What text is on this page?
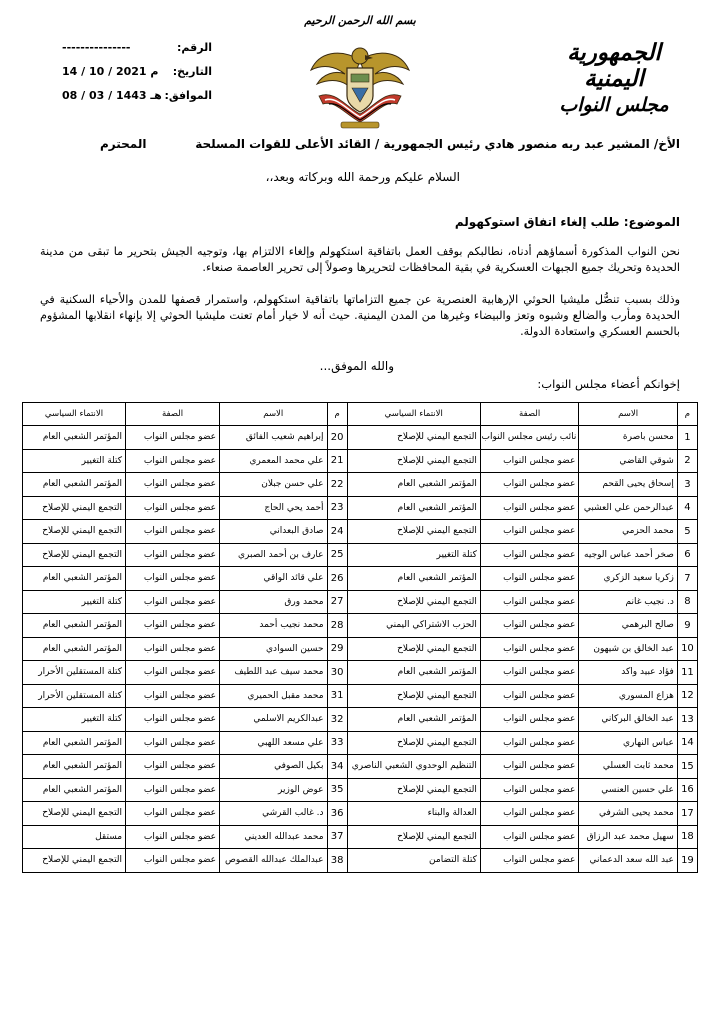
الجمهورية اليمنية
مجلس النواب
بسم الله الرحمن الرحيم
الرقم:
---------------
التاريخ:
14 / 10 / 2021 م
الموافق:
08 / 03 / 1443 هـ
الأخ/ المشير عبد ربه منصور هادي رئيس الجمهورية / القائد الأعلى للقوات المسلحة
المحترم
السلام عليكم ورحمة الله وبركاته وبعد،،
الموضوع: طلب إلغاء اتفاق استوكهولم
نحن النواب المذكورة أسماؤهم أدناه، نطالبكم بوقف العمل باتفاقية استكهولم وإلغاء الالتزام بها، وتوجيه الجيش بتحرير ما تبقى من مدينة الحديدة وتحريك جميع الجبهات العسكرية في بقية المحافظات لتحريرها وصولاً إلى تحرير العاصمة صنعاء.
وذلك بسبب تنصُّل مليشيا الحوثي الإرهابية العنصرية عن جميع التزاماتها باتفاقية استكهولم، واستمرار قصفها للمدن والأحياء السكنية في الحديدة ومأرب والضالع وشبوه وتعز والبيضاء وغيرها من المدن اليمنية. حيث أنه لا خيار أمام تعنت مليشيا الحوثي إلا بإنهاء انقلابها المشؤوم بالحسم العسكري واستعادة الدولة.
والله الموفق...
إخوانكم أعضاء مجلس النواب:
م	الاسم	الصفة	الانتماء السياسي	م	الاسم	الصفة	الانتماء السياسي
1	محسن باصرة	نائب رئيس مجلس النواب	التجمع اليمني للإصلاح	20	إبراهيم شعيب الفائق	عضو مجلس النواب	المؤتمر الشعبي العام
2	شوقي القاضي	عضو مجلس النواب	التجمع اليمني للإصلاح	21	علي محمد المعمري	عضو مجلس النواب	كتلة التغيير
3	إسحاق يحيى القحم	عضو مجلس النواب	المؤتمر الشعبي العام	22	علي حسن جبلان	عضو مجلس النواب	المؤتمر الشعبي العام
4	عبدالرحمن علي العشبي	عضو مجلس النواب	المؤتمر الشعبي العام	23	أحمد يحي الحاج	عضو مجلس النواب	التجمع اليمني للإصلاح
5	محمد الحزمي	عضو مجلس النواب	التجمع اليمني للإصلاح	24	صادق البعداني	عضو مجلس النواب	التجمع اليمني للإصلاح
6	صخر أحمد عباس الوجيه	عضو مجلس النواب	كتلة التغيير	25	عارف بن أحمد الصبري	عضو مجلس النواب	التجمع اليمني للإصلاح
7	زكريا سعيد الزكري	عضو مجلس النواب	المؤتمر الشعبي العام	26	علي قائد الواقي	عضو مجلس النواب	المؤتمر الشعبي العام
8	د. نجيب غانم	عضو مجلس النواب	التجمع اليمني للإصلاح	27	محمد ورق	عضو مجلس النواب	كتلة التغيير
9	صالح البرهمي	عضو مجلس النواب	الحزب الاشتراكي اليمني	28	محمد نجيب أحمد	عضو مجلس النواب	المؤتمر الشعبي العام
10	عبد الخالق بن شيهون	عضو مجلس النواب	التجمع اليمني للإصلاح	29	حسين السوادي	عضو مجلس النواب	المؤتمر الشعبي العام
11	فؤاد عبيد واكد	عضو مجلس النواب	المؤتمر الشعبي العام	30	محمد سيف عبد اللطيف	عضو مجلس النواب	كتلة المستقلين الأحرار
12	هزاع المسوري	عضو مجلس النواب	التجمع اليمني للإصلاح	31	محمد مقبل الحميري	عضو مجلس النواب	كتلة المستقلين الأحرار
13	عبد الخالق البركاني	عضو مجلس النواب	المؤتمر الشعبي العام	32	عبدالكريم الاسلمي	عضو مجلس النواب	كتلة التغيير
14	عباس النهاري	عضو مجلس النواب	التجمع اليمني للإصلاح	33	علي مسعد اللهبي	عضو مجلس النواب	المؤتمر الشعبي العام
15	محمد ثابت العسلي	عضو مجلس النواب	التنظيم الوحدوي الشعبي الناصري	34	بكيل الصوفي	عضو مجلس النواب	المؤتمر الشعبي العام
16	علي حسين العنسي	عضو مجلس النواب	التجمع اليمني للإصلاح	35	عوض الوزير	عضو مجلس النواب	المؤتمر الشعبي العام
17	محمد يحيى الشرفي	عضو مجلس النواب	العدالة والبناء	36	د. غالب القرشي	عضو مجلس النواب	التجمع اليمني للإصلاح
18	سهيل محمد عبد الرزاق	عضو مجلس النواب	التجمع اليمني للإصلاح	37	محمد عبدالله العديني	عضو مجلس النواب	مستقل
19	عبد الله سعد الدعماني	عضو مجلس النواب	كتلة التضامن	38	عبدالملك عبدالله القصوص	عضو مجلس النواب	التجمع اليمني للإصلاح
